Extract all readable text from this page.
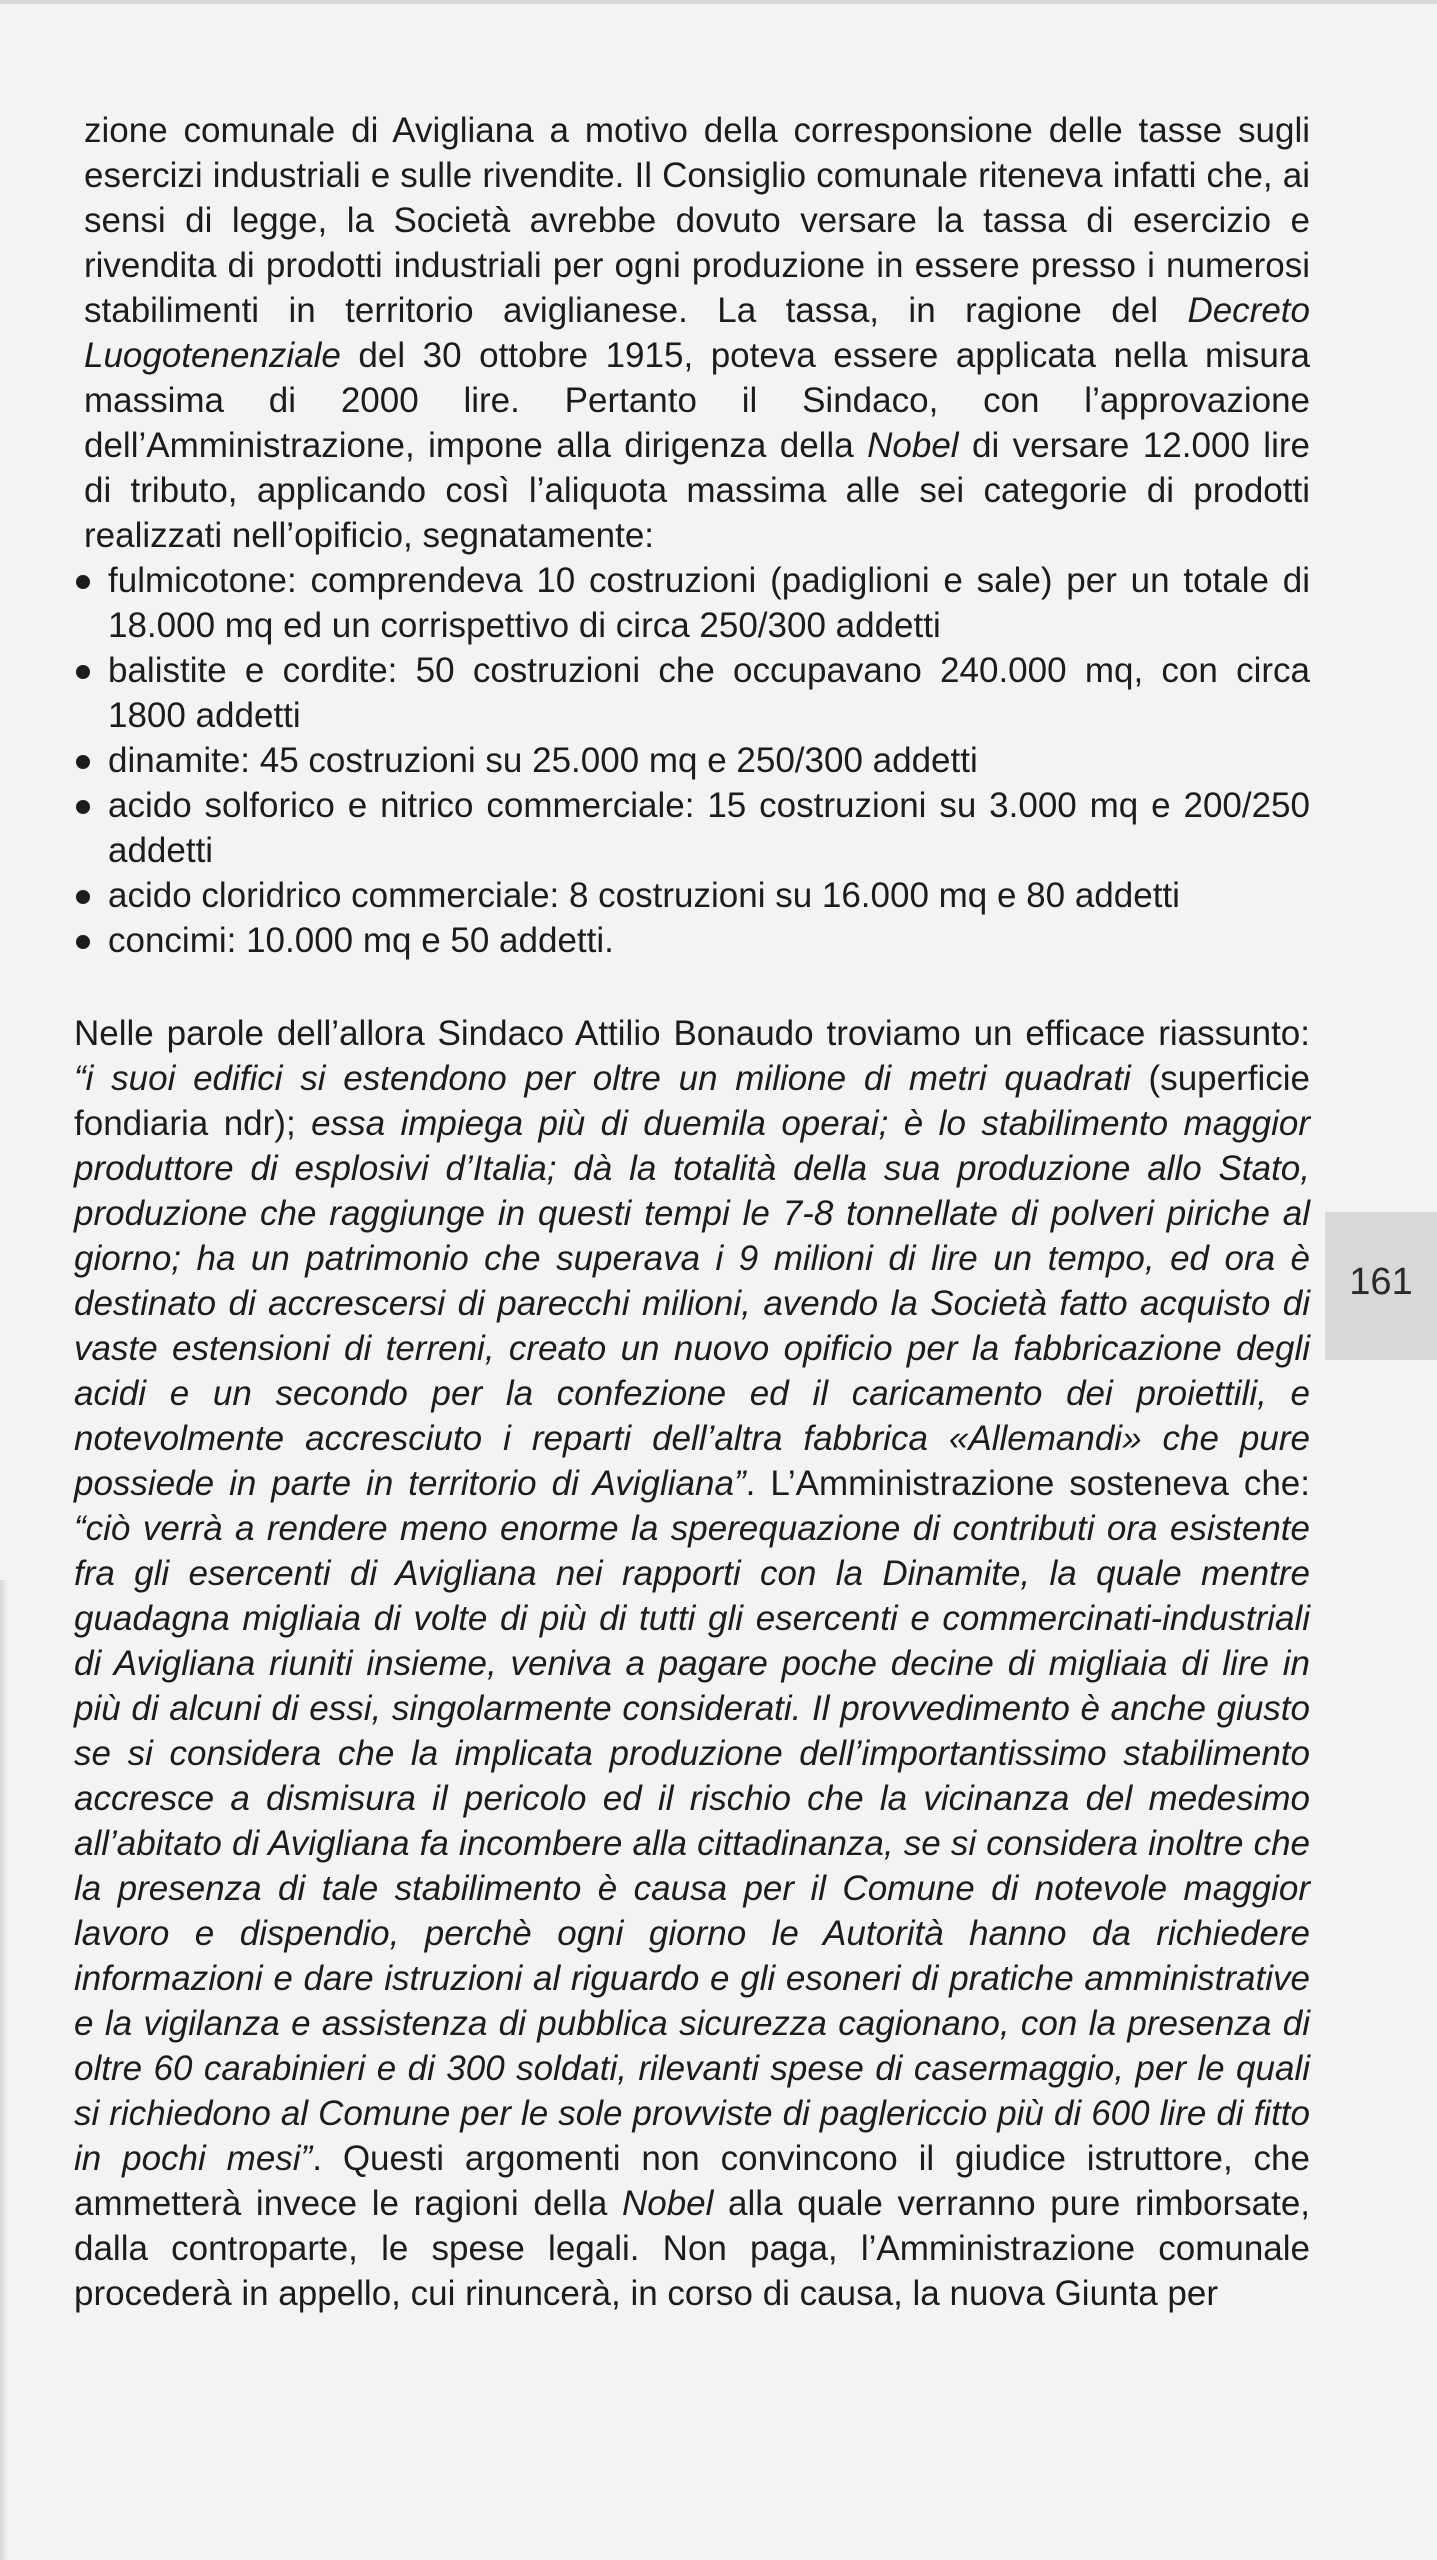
zione comunale di Avigliana a motivo della corresponsione delle tasse sugli esercizi industriali e sulle rivendite. Il Consiglio comunale riteneva infatti che, ai sensi di legge, la Società avrebbe dovuto versare la tassa di esercizio e rivendita di prodotti industriali per ogni produzione in essere presso i numerosi stabilimenti in territorio aviglianese. La tassa, in ragione del Decreto Luogotenenziale del 30 ottobre 1915, poteva essere applicata nella misura massima di 2000 lire. Pertanto il Sindaco, con l’approvazione dell’Amministrazione, impone alla dirigenza della Nobel di versare 12.000 lire di tributo, applicando così l’aliquota massima alle sei categorie di prodotti realizzati nell’opificio, segnatamente:

fulmicotone: comprendeva 10 costruzioni (padiglioni e sale) per un totale di 18.000 mq ed un corrispettivo di circa 250/300 addetti
balistite e cordite: 50 costruzioni che occupavano 240.000 mq, con circa 1800 addetti
dinamite: 45 costruzioni su 25.000 mq e 250/300 addetti
acido solforico e nitrico commerciale: 15 costruzioni su 3.000 mq e 200/250 addetti
acido cloridrico commerciale: 8 costruzioni su 16.000 mq e 80 addetti
concimi: 10.000 mq e 50 addetti.

Nelle parole dell’allora Sindaco Attilio Bonaudo troviamo un efficace riassunto: “i suoi edifici si estendono per oltre un milione di metri quadrati (superficie fondiaria ndr); essa impiega più di duemila operai; è lo stabilimento maggior produttore di esplosivi d’Italia; dà la totalità della sua produzione allo Stato, produzione che raggiunge in questi tempi le 7-8 tonnellate di polveri piriche al giorno; ha un patrimonio che superava i 9 milioni di lire un tempo, ed ora è destinato di accrescersi di parecchi milioni, avendo la Società fatto acquisto di vaste estensioni di terreni, creato un nuovo opificio per la fabbricazione degli acidi e un secondo per la confezione ed il caricamento dei proiettili, e notevolmente accresciuto i reparti dell’altra fabbrica «Allemandi» che pure possiede in parte in territorio di Avigliana”. L’Amministrazione sosteneva che: “ciò verrà a rendere meno enorme la sperequazione di contributi ora esistente fra gli esercenti di Avigliana nei rapporti con la Dinamite, la quale mentre guadagna migliaia di volte di più di tutti gli esercenti e commercinati-industriali di Avigliana riuniti insieme, veniva a pagare poche decine di migliaia di lire in più di alcuni di essi, singolarmente considerati. Il provvedimento è anche giusto se si considera che la implicata produzione dell’importantissimo stabilimento accresce a dismisura il pericolo ed il rischio che la vicinanza del medesimo all’abitato di Avigliana fa incombere alla cittadinanza, se si considera inoltre che la presenza di tale stabilimento è causa per il Comune di notevole maggior lavoro e dispendio, perchè ogni giorno le Autorità hanno da richiedere informazioni e dare istruzioni al riguardo e gli esoneri di pratiche amministrative e la vigilanza e assistenza di pubblica sicurezza cagionano, con la presenza di oltre 60 carabinieri e di 300 soldati, rilevanti spese di casermaggio, per le quali si richiedono al Comune per le sole provviste di paglericcio più di 600 lire di fitto in pochi mesi”. Questi argomenti non convincono il giudice istruttore, che ammetterà invece le ragioni della Nobel alla quale verranno pure rimborsate, dalla controparte, le spese legali. Non paga, l’Amministrazione comunale procederà in appello, cui rinuncerà, in corso di causa, la nuova Giunta per

161
